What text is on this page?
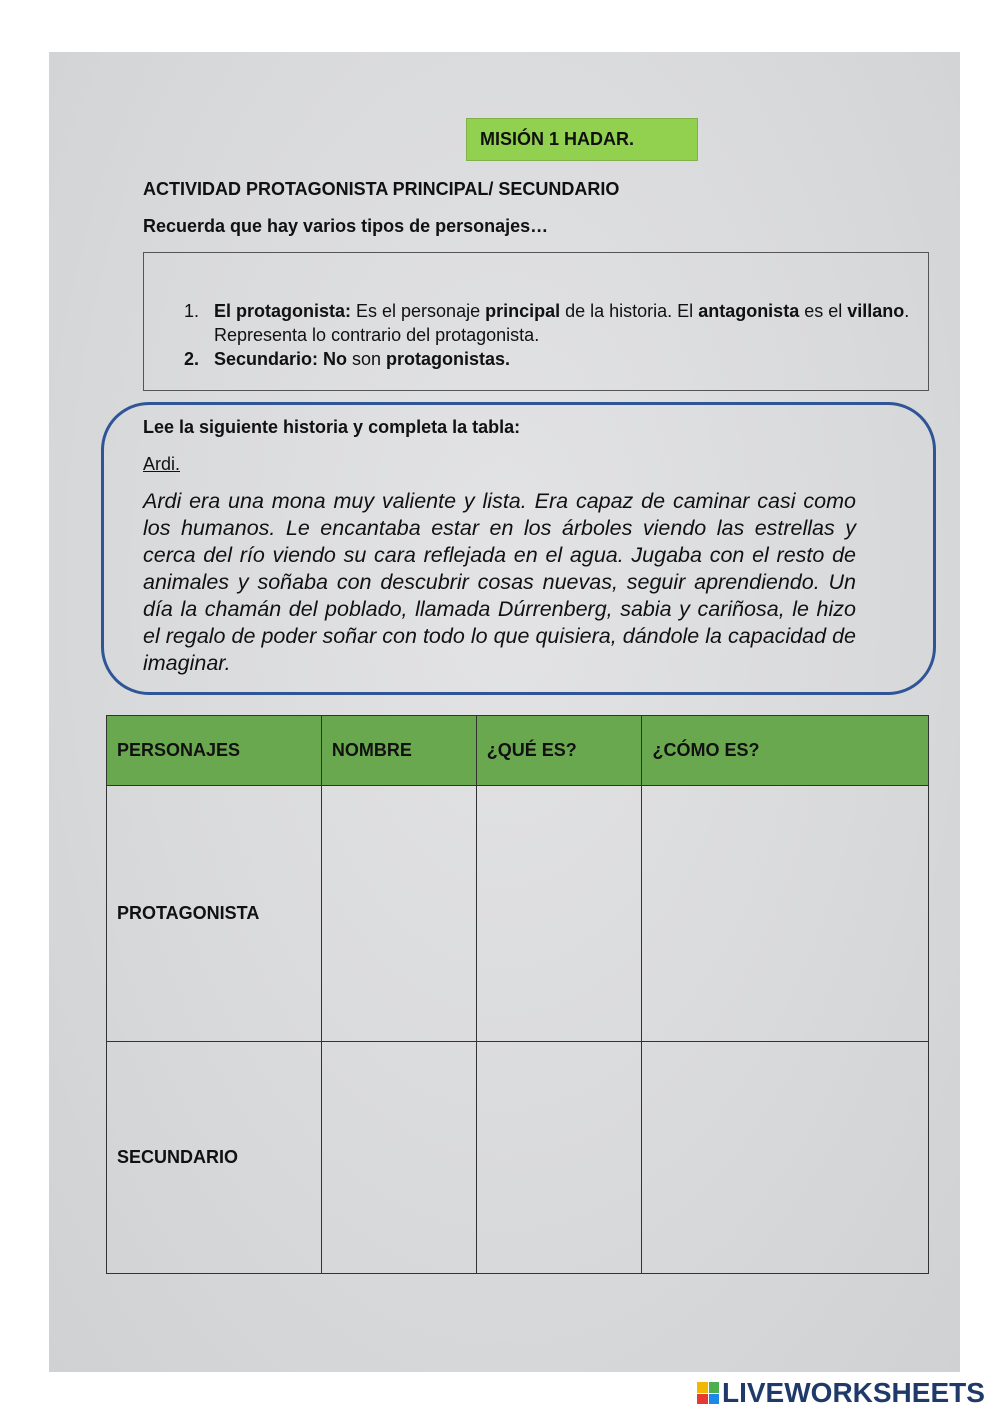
MISIÓN 1 HADAR.
ACTIVIDAD PROTAGONISTA PRINCIPAL/ SECUNDARIO
Recuerda que hay varios tipos de personajes…
1. El protagonista: Es el personaje principal de la historia. El antagonista es el villano. Representa lo contrario del protagonista.
2. Secundario: No son protagonistas.
Lee la siguiente historia y completa la tabla:
Ardi.
Ardi era una mona muy valiente y lista. Era capaz de caminar casi como los humanos. Le encantaba estar en los árboles viendo las estrellas y cerca del río viendo su cara reflejada en el agua. Jugaba con el resto de animales y soñaba con descubrir cosas nuevas, seguir aprendiendo. Un día la chamán del poblado, llamada Dúrrenberg, sabia y cariñosa, le hizo el regalo de poder soñar con todo lo que quisiera, dándole la capacidad de imaginar.
PERSONAJES	NOMBRE	¿QUÉ ES?	¿CÓMO ES?
PROTAGONISTA			
SECUNDARIO			
LIVEWORKSHEETS
